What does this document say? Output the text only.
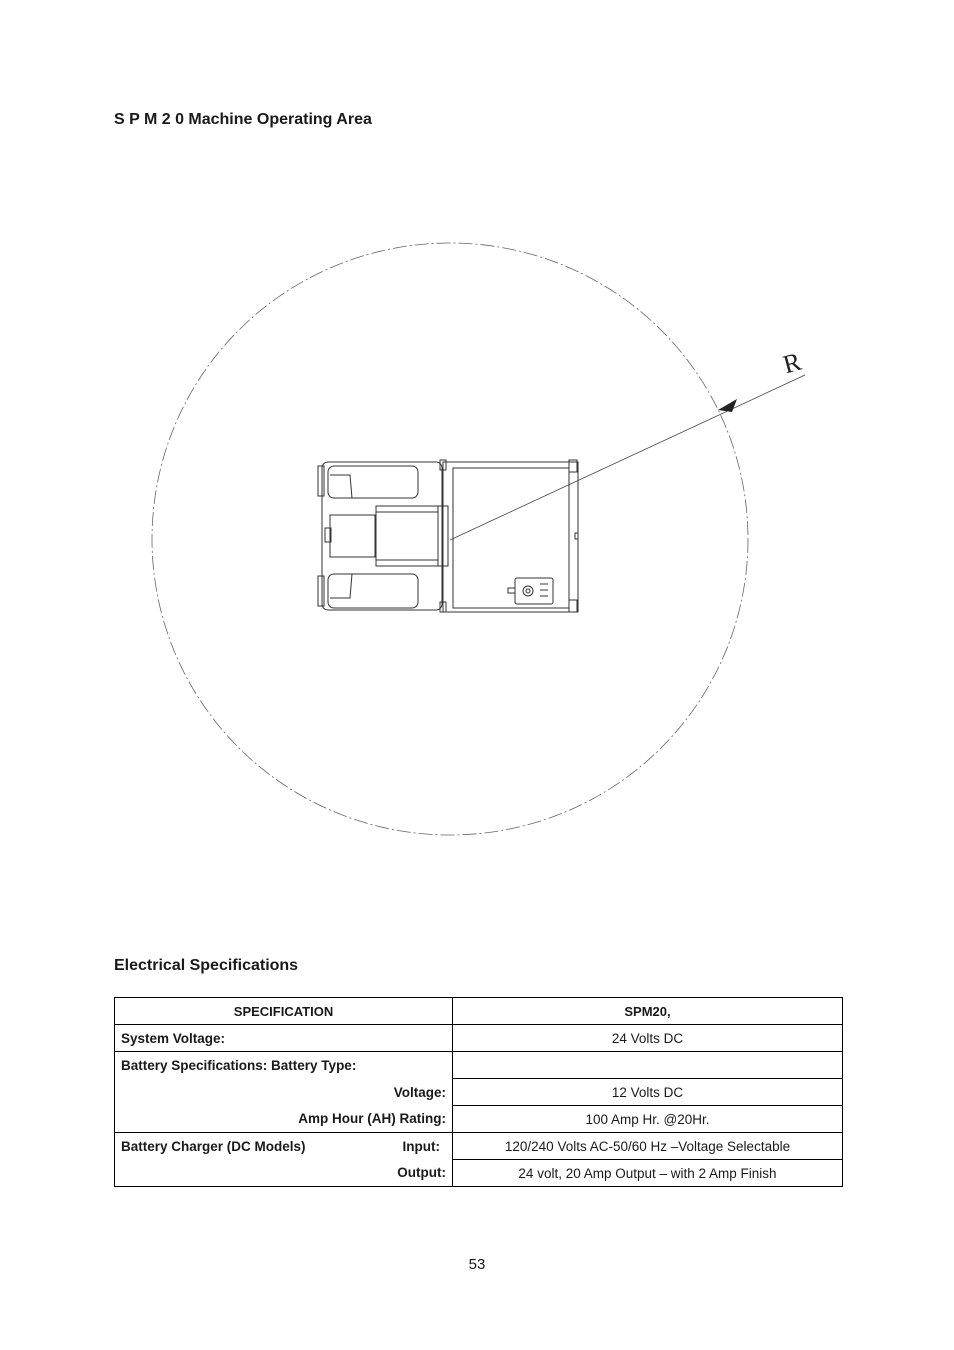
S P M 2 0 Machine Operating Area
R
Electrical Specifications
SPECIFICATION	SPM20,
System Voltage:	24 Volts DC
Battery Specifications: Battery Type:	
Voltage:	12 Volts DC
Amp Hour (AH) Rating:	100 Amp Hr. @20Hr.

Battery Charger (DC Models) Input:	120/240 Volts AC-50/60 Hz –Voltage Selectable
Output:	24 volt, 20 Amp Output – with 2 Amp Finish
53
